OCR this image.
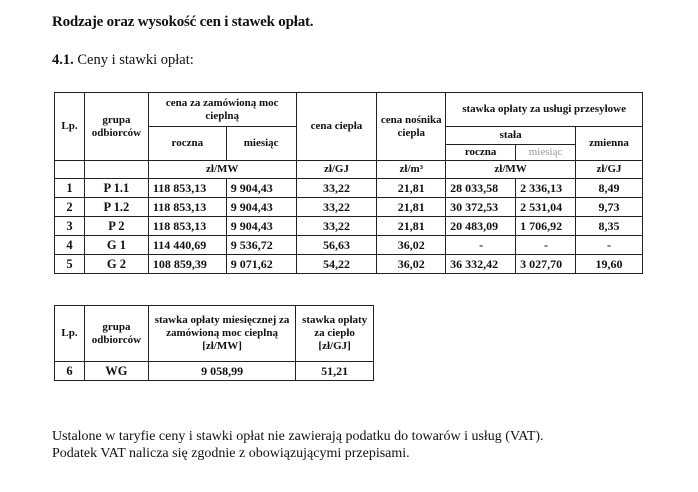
Rodzaje oraz wysokość cen i stawek opłat.
4.1. Ceny i stawki opłat:
Lp.	grupa odbiorców	cena za zamówioną moc cieplną		cena ciepła	cena nośnika ciepła	stawka opłaty za usługi przesyłowe		
		roczna	miesiąc			stała		zmienna
						roczna	miesiąc	
		zł/MW		zł/GJ	zł/m³	zł/MW		zł/GJ
1	P 1.1	118 853,13	9 904,43	33,22	21,81	28 033,58	2 336,13	8,49
2	P 1.2	118 853,13	9 904,43	33,22	21,81	30 372,53	2 531,04	9,73
3	P 2	118 853,13	9 904,43	33,22	21,81	20 483,09	1 706,92	8,35
4	G 1	114 440,69	9 536,72	56,63	36,02	-	-	-
5	G 2	108 859,39	9 071,62	54,22	36,02	36 332,42	3 027,70	19,60
Lp.	grupa odbiorców	stawka opłaty miesięcznej za zamówioną moc cieplną [zł/MW]	stawka opłaty za ciepło [zł/GJ]
6	WG	9 058,99	51,21
Ustalone w taryfie ceny i stawki opłat nie zawierają podatku do towarów i usług (VAT).
Podatek VAT nalicza się zgodnie z obowiązującymi przepisami.
